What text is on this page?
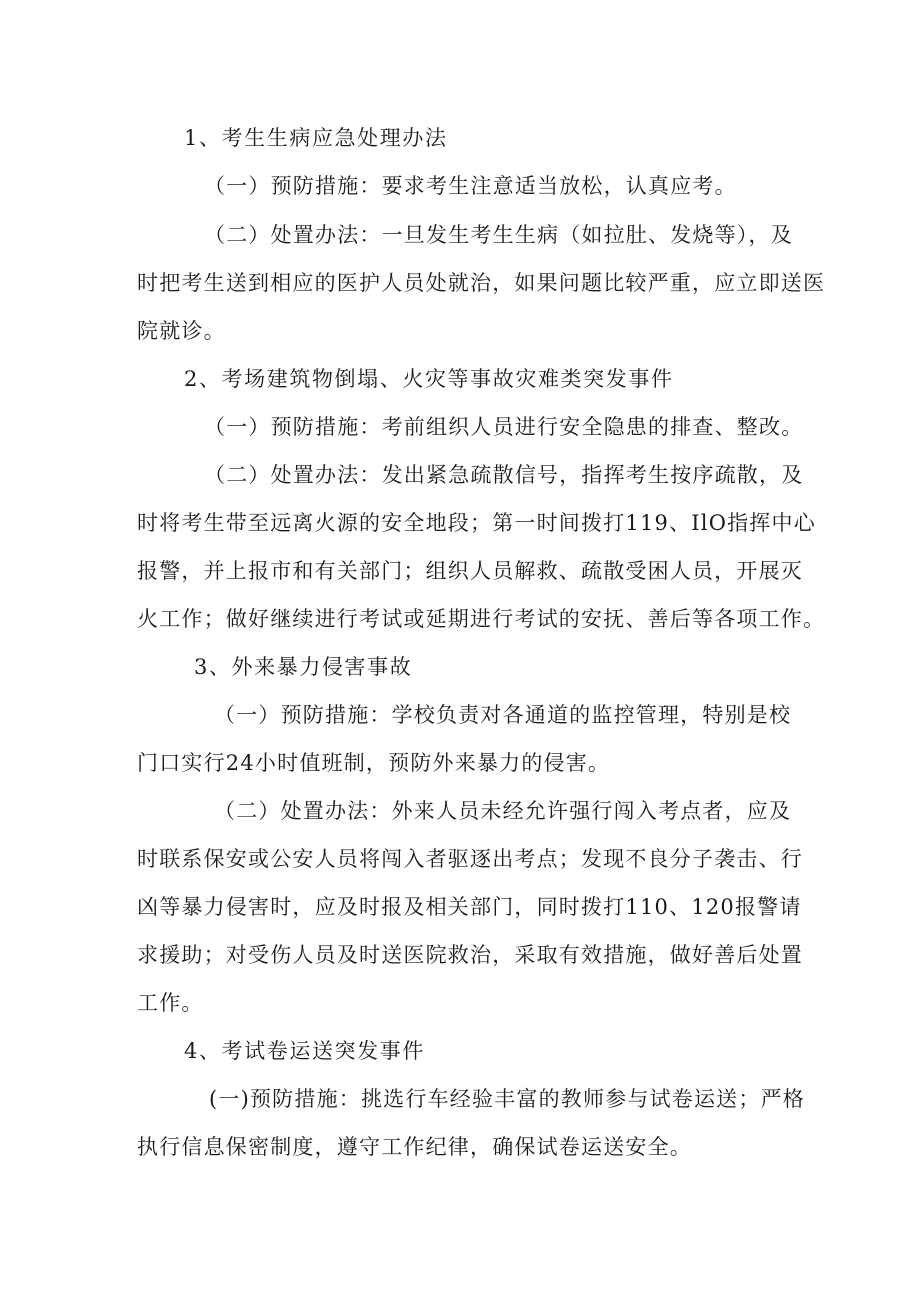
1、考生生病应急处理办法
（一）预防措施：要求考生注意适当放松，认真应考。
（二）处置办法：一旦发生考生生病（如拉肚、发烧等），及
时把考生送到相应的医护人员处就治，如果问题比较严重，应立即送医
院就诊。
2、考场建筑物倒塌、火灾等事故灾难类突发事件
（一）预防措施：考前组织人员进行安全隐患的排查、整改。
（二）处置办法：发出紧急疏散信号，指挥考生按序疏散，及
时将考生带至远离火源的安全地段；第一时间拨打119、IlO指挥中心
报警，并上报市和有关部门；组织人员解救、疏散受困人员，开展灭
火工作；做好继续进行考试或延期进行考试的安抚、善后等各项工作。
3、外来暴力侵害事故
（一）预防措施：学校负责对各通道的监控管理，特别是校
门口实行24小时值班制，预防外来暴力的侵害。
（二）处置办法：外来人员未经允许强行闯入考点者，应及
时联系保安或公安人员将闯入者驱逐出考点；发现不良分子袭击、行
凶等暴力侵害时，应及时报及相关部门，同时拨打110、120报警请
求援助；对受伤人员及时送医院救治，采取有效措施，做好善后处置
工作。
4、考试卷运送突发事件
(一)预防措施：挑选行车经验丰富的教师参与试卷运送；严格
执行信息保密制度，遵守工作纪律，确保试卷运送安全。
